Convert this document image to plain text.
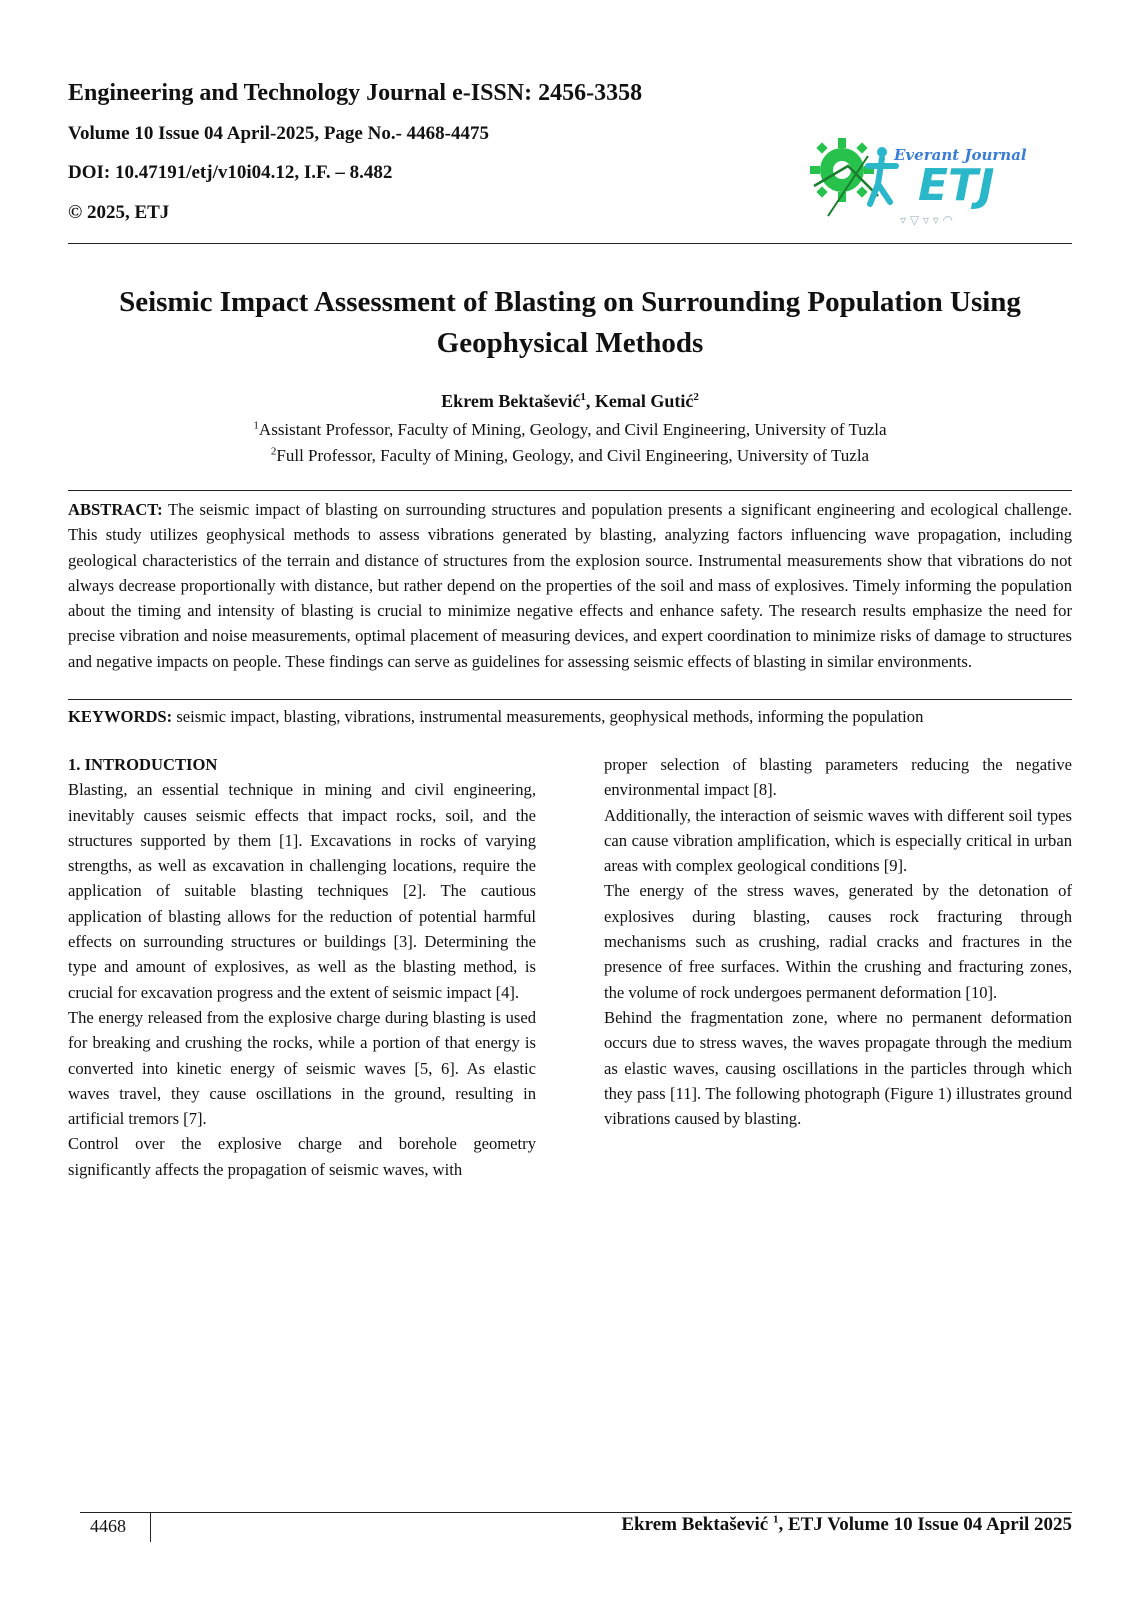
Engineering and Technology Journal e-ISSN: 2456-3358
Volume 10 Issue 04 April-2025, Page No.- 4468-4475
DOI: 10.47191/etj/v10i04.12, I.F. – 8.482
© 2025, ETJ
Everant Journal
ETJ
▿ ▽ ▿ ▿ ◠
Seismic Impact Assessment of Blasting on Surrounding Population Using Geophysical Methods

Ekrem Bektašević$^1$, Kemal Gutić$^2$

$^1$Assistant Professor, Faculty of Mining, Geology, and Civil Engineering, University of Tuzla

$^2$Full Professor, Faculty of Mining, Geology, and Civil Engineering, University of Tuzla

ABSTRACT: The seismic impact of blasting on surrounding structures and population presents a significant engineering and ecological challenge. This study utilizes geophysical methods to assess vibrations generated by blasting, analyzing factors influencing wave propagation, including geological characteristics of the terrain and distance of structures from the explosion source. Instrumental measurements show that vibrations do not always decrease proportionally with distance, but rather depend on the properties of the soil and mass of explosives. Timely informing the population about the timing and intensity of blasting is crucial to minimize negative effects and enhance safety. The research results emphasize the need for precise vibration and noise measurements, optimal placement of measuring devices, and expert coordination to minimize risks of damage to structures and negative impacts on people. These findings can serve as guidelines for assessing seismic effects of blasting in similar environments.

KEYWORDS: seismic impact, blasting, vibrations, instrumental measurements, geophysical methods, informing the population

1. INTRODUCTION

Blasting, an essential technique in mining and civil engineering, inevitably causes seismic effects that impact rocks, soil, and the structures supported by them [1]. Excavations in rocks of varying strengths, as well as excavation in challenging locations, require the application of suitable blasting techniques [2]. The cautious application of blasting allows for the reduction of potential harmful effects on surrounding structures or buildings [3]. Determining the type and amount of explosives, as well as the blasting method, is crucial for excavation progress and the extent of seismic impact [4].

The energy released from the explosive charge during blasting is used for breaking and crushing the rocks, while a portion of that energy is converted into kinetic energy of seismic waves [5, 6]. As elastic waves travel, they cause oscillations in the ground, resulting in artificial tremors [7].

Control over the explosive charge and borehole geometry significantly affects the propagation of seismic waves, with

proper selection of blasting parameters reducing the negative environmental impact [8].

Additionally, the interaction of seismic waves with different soil types can cause vibration amplification, which is especially critical in urban areas with complex geological conditions [9].

The energy of the stress waves, generated by the detonation of explosives during blasting, causes rock fracturing through mechanisms such as crushing, radial cracks and fractures in the presence of free surfaces. Within the crushing and fracturing zones, the volume of rock undergoes permanent deformation [10].

Behind the fragmentation zone, where no permanent deformation occurs due to stress waves, the waves propagate through the medium as elastic waves, causing oscillations in the particles through which they pass [11]. The following photograph (Figure 1) illustrates ground vibrations caused by blasting.

4468	Ekrem Bektašević $^1$, ETJ Volume 10 Issue 04 April 2025
